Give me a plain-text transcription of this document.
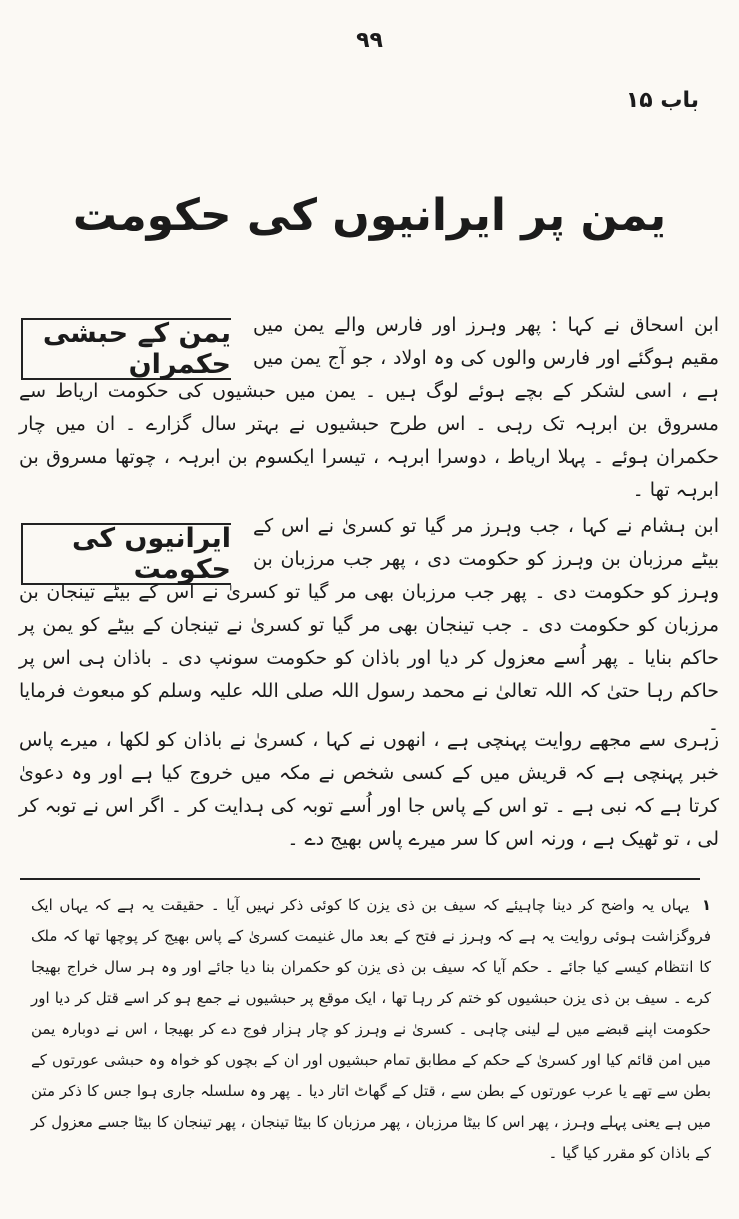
۹۹
باب ۱۵
یمن پر ایرانیوں کی حکومت
یمن کے حبشی حکمران
ابن اسحاق نے کہا : پھر وہرز اور فارس والے یمن میں مقیم ہوگئے اور فارس والوں کی وہ اولاد ، جو آج یمن میں ہے ، اسی لشکر کے بچے ہوئے لوگ ہیں ۔ یمن میں حبشیوں کی حکومت اریاط سے مسروق بن ابرہہ تک رہی ۔ اس طرح حبشیوں نے بہتر سال گزارے ۔ ان میں چار حکمران ہوئے ۔ پہلا اریاط ، دوسرا ابرہہ ، تیسرا ایکسوم بن ابرہہ ، چوتھا مسروق بن ابرہہ تھا ۔
ایرانیوں کی حکومت
ابن ہشام نے کہا ، جب وہرز مر گیا تو کسریٰ نے اس کے بیٹے مرزبان بن وہرز کو حکومت دی ، پھر جب مرزبان بن وہرز کو حکومت دی ۔ پھر جب مرزبان بھی مر گیا تو کسریٰ نے اس کے بیٹے تینجان بن مرزبان کو حکومت دی ۔ جب تینجان بھی مر گیا تو کسریٰ نے تینجان کے بیٹے کو یمن پر حاکم بنایا ۔ پھر اُسے معزول کر دیا اور باذان کو حکومت سونپ دی ۔ باذان ہی اس پر حاکم رہا حتیٰ کہ اللہ تعالیٰ نے محمد رسول اللہ صلی اللہ علیہ وسلم کو مبعوث فرمایا ۔
زہری سے مجھے روایت پہنچی ہے ، انھوں نے کہا ، کسریٰ نے باذان کو لکھا ، میرے پاس خبر پہنچی ہے کہ قریش میں کے کسی شخص نے مکہ میں خروج کیا ہے اور وہ دعویٰ کرتا ہے کہ نبی ہے ۔ تو اس کے پاس جا اور اُسے توبہ کی ہدایت کر ۔ اگر اس نے توبہ کر لی ، تو ٹھیک ہے ، ورنہ اس کا سر میرے پاس بھیج دے ۔
۱ یہاں یہ واضح کر دینا چاہیئے کہ سیف بن ذی یزن کا کوئی ذکر نہیں آیا ۔ حقیقت یہ ہے کہ یہاں ایک فروگزاشت ہوئی روایت یہ ہے کہ وہرز نے فتح کے بعد مال غنیمت کسریٰ کے پاس بھیج کر پوچھا تھا کہ ملک کا انتظام کیسے کیا جائے ۔ حکم آیا کہ سیف بن ذی یزن کو حکمران بنا دیا جائے اور وہ ہر سال خراج بھیجا کرے ۔ سیف بن ذی یزن حبشیوں کو ختم کر رہا تھا ، ایک موقع پر حبشیوں نے جمع ہو کر اسے قتل کر دیا اور حکومت اپنے قبضے میں لے لینی چاہی ۔ کسریٰ نے وہرز کو چار ہزار فوج دے کر بھیجا ، اس نے دوبارہ یمن میں امن قائم کیا اور کسریٰ کے حکم کے مطابق تمام حبشیوں اور ان کے بچوں کو خواہ وہ حبشی عورتوں کے بطن سے تھے یا عرب عورتوں کے بطن سے ، قتل کے گھاٹ اتار دیا ۔ پھر وہ سلسلہ جاری ہوا جس کا ذکر متن میں ہے یعنی پہلے وہرز ، پھر اس کا بیٹا مرزبان ، پھر مرزبان کا بیٹا تینجان ، پھر تینجان کا بیٹا جسے معزول کر کے باذان کو مقرر کیا گیا ۔
